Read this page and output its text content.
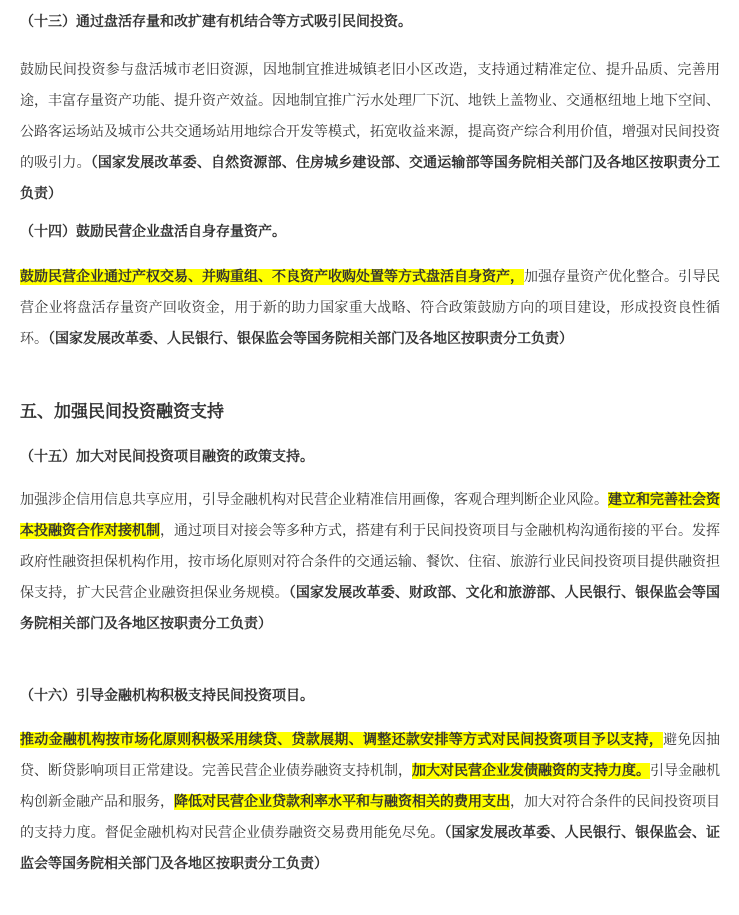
（十三）通过盘活存量和改扩建有机结合等方式吸引民间投资。
鼓励民间投资参与盘活城市老旧资源，因地制宜推进城镇老旧小区改造，支持通过精准定位、提升品质、完善用途，丰富存量资产功能、提升资产效益。因地制宜推广污水处理厂下沉、地铁上盖物业、交通枢纽地上地下空间、公路客运场站及城市公共交通场站用地综合开发等模式，拓宽收益来源，提高资产综合利用价值，增强对民间投资的吸引力。（国家发展改革委、自然资源部、住房城乡建设部、交通运输部等国务院相关部门及各地区按职责分工负责）
（十四）鼓励民营企业盘活自身存量资产。
鼓励民营企业通过产权交易、并购重组、不良资产收购处置等方式盘活自身资产，加强存量资产优化整合。引导民营企业将盘活存量资产回收资金，用于新的助力国家重大战略、符合政策鼓励方向的项目建设，形成投资良性循环。（国家发展改革委、人民银行、银保监会等国务院相关部门及各地区按职责分工负责）
五、加强民间投资融资支持
（十五）加大对民间投资项目融资的政策支持。
加强涉企信用信息共享应用，引导金融机构对民营企业精准信用画像，客观合理判断企业风险。建立和完善社会资本投融资合作对接机制，通过项目对接会等多种方式，搭建有利于民间投资项目与金融机构沟通衔接的平台。发挥政府性融资担保机构作用，按市场化原则对符合条件的交通运输、餐饮、住宿、旅游行业民间投资项目提供融资担保支持，扩大民营企业融资担保业务规模。（国家发展改革委、财政部、文化和旅游部、人民银行、银保监会等国务院相关部门及各地区按职责分工负责）
（十六）引导金融机构积极支持民间投资项目。
推动金融机构按市场化原则积极采用续贷、贷款展期、调整还款安排等方式对民间投资项目予以支持，避免因抽贷、断贷影响项目正常建设。完善民营企业债券融资支持机制，加大对民营企业发债融资的支持力度。引导金融机构创新金融产品和服务，降低对民营企业贷款利率水平和与融资相关的费用支出，加大对符合条件的民间投资项目的支持力度。督促金融机构对民营企业债券融资交易费用能免尽免。（国家发展改革委、人民银行、银保监会、证监会等国务院相关部门及各地区按职责分工负责）
